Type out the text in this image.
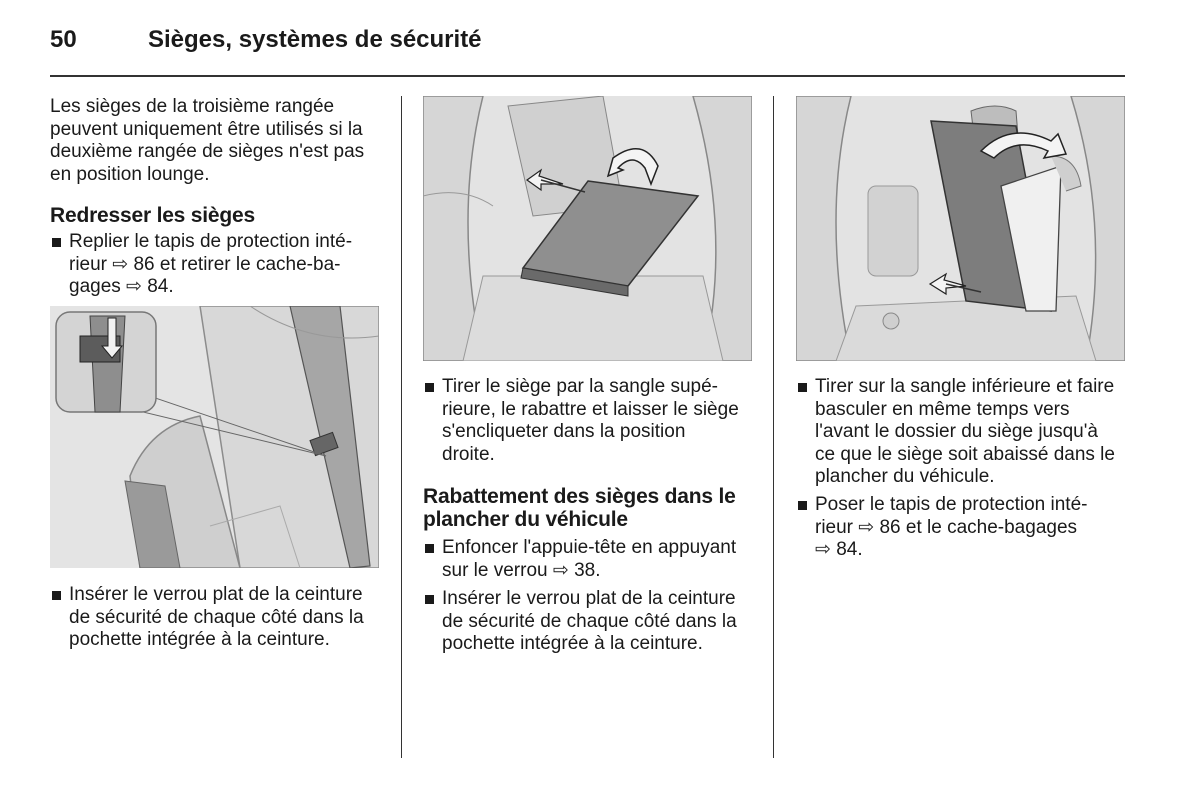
50	Sièges, systèmes de sécurité

Les sièges de la troisième rangée peuvent uniquement être utilisés si la deuxième rangée de sièges n'est pas en position lounge.

Redresser les sièges
Replier le tapis de protection inté-
rieur ⇨ 86 et retirer le cache-ba-
gages ⇨ 84.
Insérer le verrou plat de la ceinture
de sécurité de chaque côté dans la
pochette intégrée à la ceinture.
Tirer le siège par la sangle supé-
rieure, le rabattre et laisser le siège
s'encliqueter dans la position
droite.
Rabattement des sièges dans le
plancher du véhicule
Enfoncer l'appuie-tête en appuyant
sur le verrou ⇨ 38.
Insérer le verrou plat de la ceinture
de sécurité de chaque côté dans la
pochette intégrée à la ceinture.
Tirer sur la sangle inférieure et faire
basculer en même temps vers
l'avant le dossier du siège jusqu'à
ce que le siège soit abaissé dans le
plancher du véhicule.
Poser le tapis de protection inté-
rieur ⇨ 86 et le cache-bagages
⇨ 84.
